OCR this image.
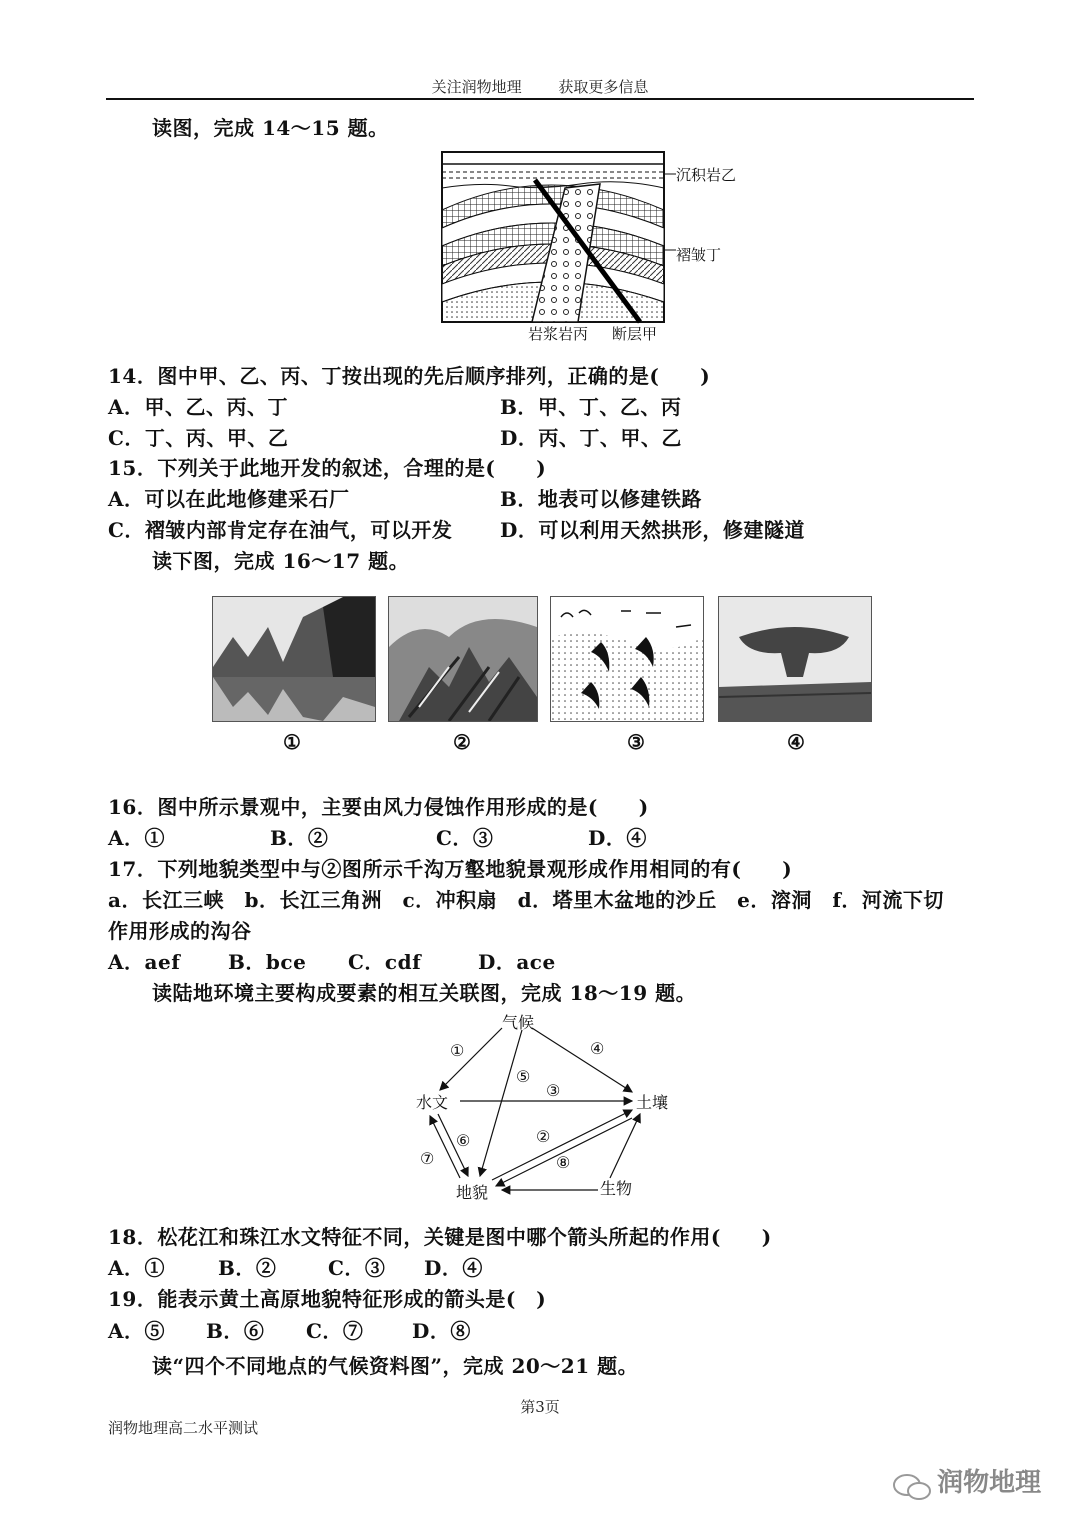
关注润物地理 获取更多信息
读图，完成 14～15 题。
沉积岩乙
褶皱丁
岩浆岩丙 断层甲
14．图中甲、乙、丙、丁按出现的先后顺序排列，正确的是(　　)
A．甲、乙、丙、丁	B．甲、丁、乙、丙
C．丁、丙、甲、乙	D．丙、丁、甲、乙
15．下列关于此地开发的叙述，合理的是(　　)
A．可以在此地修建采石厂	B．地表可以修建铁路
C．褶皱内部肯定存在油气，可以开发 D．可以利用天然拱形，修建隧道
读下图，完成 16～17 题。
①	②	③	④
16．图中所示景观中，主要由风力侵蚀作用形成的是(　　)
A．①	B．②	C．③	D．④
17．下列地貌类型中与②图所示千沟万壑地貌景观形成作用相同的有(　　)
a．长江三峡　b．长江三角洲　c．冲积扇　d．塔里木盆地的沙丘　e．溶洞　f．河流下切
作用形成的沟谷
A．aef B．bce C．cdf	D．ace
读陆地环境主要构成要素的相互关联图，完成 18～19 题。
气候
水文	土壤
地貌	生物
①	④
⑤
③
⑥
⑦
②
⑧
18．松花江和珠江水文特征不同，关键是图中哪个箭头所起的作用(　　)
A．①	B．②	C．③ D．④
19．能表示黄土高原地貌特征形成的箭头是(　)
A．⑤ B．⑥ C．⑦ D．⑧
读“四个不同地点的气候资料图”，完成 20～21 题。
第3页
润物地理高二水平测试
润物地理
